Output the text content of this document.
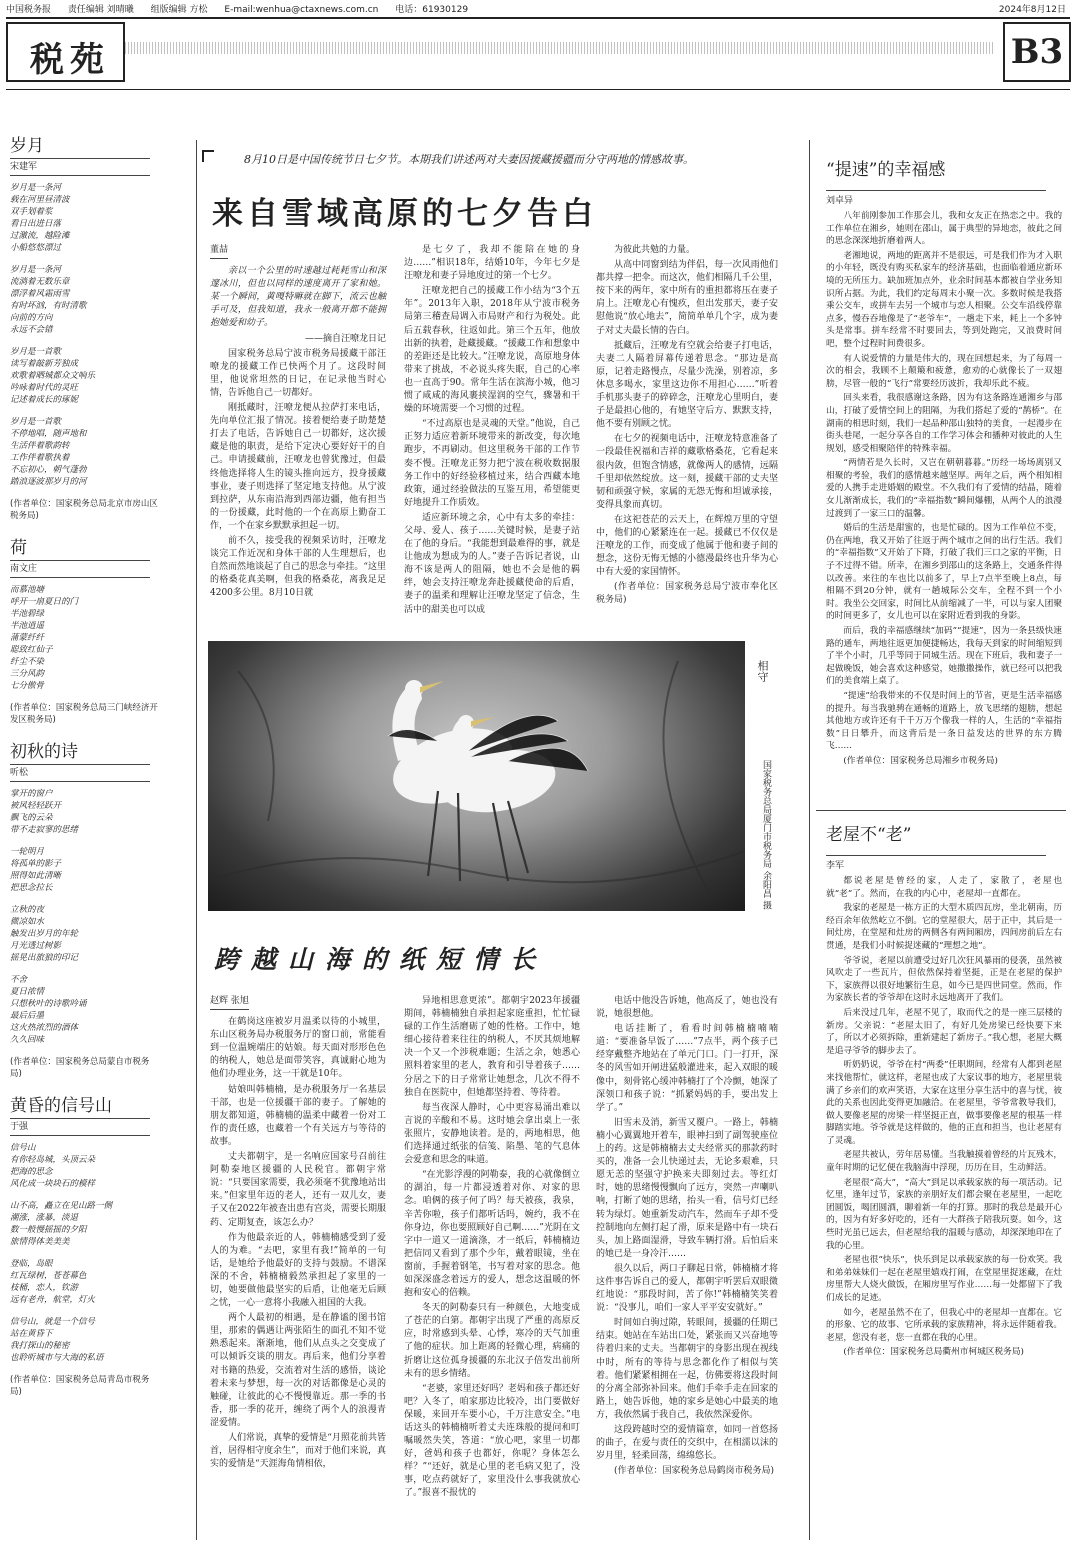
中国税务报 责任编辑 刘晴曦 组版编辑 方松 E-mail:wenhua@ctaxnews.com.cn 电话：61930129	2024年8月12日
税苑	B3
岁月
宋建军
岁月是一条河
载在河里昼清波
双手划着浆
看日出进日落
过激流，越险滩
小船悠悠漂过
岁月是一条河
流淌着无数乐章
漂浮着风霜雨雪
有时坏汹，有时清歌
向前的方向
永远不会错
岁月是一首歌
读写着敲新芳独成
欢歌着晒城都众文响乐
吟咏着时代的灵旺
记述着成长的琢妮
岁月是一首歌
不停地唱，随声地和
生活伴着歌韵转
工作伴着歌执着
不忘初心，朝气蓬勃
踏浪逐波那岁月的河
(作者单位：国家税务总局北京市房山区税务局)
荷
南文庄
而慕池塘
呼开一扇夏日的门
半池碧绿
半池逍遥
蒲蒙纤纤
聪致红仙子
纤尘不染
三分风韵
七分傲骨
(作者单位：国家税务总局三门峡经济开发区税务局)
初秋的诗
听松
掌开的窗户
被风轻轻跃开
飘飞的云朵
带不走寂寥的思绪
一轮明月
将孤单的影子
照得如此清晰
把思念拉长
立秋的夜
微凉如水
触发出岁月的年轮
月光透过树影
摇晃出旅狼的印记
不舍
夏日浓情
只想秋叶的诗歌吟诵
最后后墨
这火热浓烈的酒体
久久回味
(作者单位：国家税务总局蒙自市税务局)
黄昏的信号山
于强
信号山
有你轻岛城，头顶云朵
把海的思念
风化成一块块石的模样
山不高，矗立在见山路一侧
潮涨，涨暴，淡退
数一般慢摇摇的夕阳
旅情得体美美美
登临，岛眼
红瓦绿树，苍苍幕色
枝桶，恋人，钦游
远有老舟，航堂，灯火
信号山，就是一个信号
站在黄昏下
我打探山的秘密
也聆听城市与大海的私语
(作者单位：国家税务总局青岛市税务局)
8月10日是中国传统节日七夕节。本期我们讲述两对夫妻因援藏援疆而分守两地的情感故事。
来自雪域高原的七夕告白
董喆

亲以一个公里的时速越过耗耗雪山和深邃冰川，但也以同样的速度离开了家和她。某一个瞬间，黄嘎特嘛就在脚下，流云也触手可及，但我知道，我永一般离开都不能拥抱她爱和幼子。

——摘自汪嘹龙日记

国家税务总局宁波市税务局援藏干部汪嘹龙的援藏工作已快两个月了。这段时间里，他说常坦然的日记，在记录他当时心情，告诉他自己一切都好。

刚抵藏时，汪嘹龙便从拉萨打来电话，先向单位汇报了情况。接着便给妻子助楚楚打去了电话，告诉她自己一切都好，这次援藏是他的职责，是给下定决心要好好干的自己。申请援藏前，汪嘹龙也曾犹豫过，但最终他选择将人生的镜头推向远方，投身援藏事业，妻子则选择了坚定地支持他。从宁波到拉萨，从东南沿海到西部边疆，他有担当的一份援藏，此时他的一个在高原上勤奋工作，一个在家乡默默承担起一切。

前不久，接受我的视频采访时，汪嘹龙谈完工作近况和身体干部的人生理想后，也自然而然地谈起了自己的思念与牵挂。“这里的格桑花真美啊，但我的格桑花，离我足足4200多公里。8月10日就

是七夕了，我却不能陪在她的身边……”相识18年，结婚10年，今年七夕是汪嘹龙和妻子异地度过的第一个七夕。

汪嘹龙把自己的援藏工作小结为“3个五年”。2013年入职，2018年从宁波市税务局第三稽查局调入市局财产和行为税处。此后五载春秋，往返如此。第三个五年，他放出新的执着，赴藏援藏。“援藏工作和想象中的差距还是比较大。”汪嘹龙说，高原地身体带来了挑战，不必说头疼失眠，自己的心率也一直高于90。常年生活在滨海小城，他习惯了咸咸的海风裹挟湿润的空气，骤暑和干燥的环境需要一个习惯的过程。

“不过高原也是灵魂的天堂。”他说，自己正努力适应着新环境带来的新改变，每次地跑步，不再刷动。但这里税务干部的工作节奏不慢。汪嘹龙正努力把宁波在税收数据服务工作中的好经验移植过来，结合西藏本地政策，通过经验做法的互鉴互用，希望能更好地提升工作质效。

适应新环境之余，心中有太多的牵挂：父母、爱人、孩子……关键时候，是妻子站在了他的身后。“我能想到最难得的事，就是让他成为想成为的人。”妻子告诉记者说，山海不该是两人的阻隔，她也不会是他的羁绊，她会支持汪嘹龙奔赴援藏使命的后盾，妻子的温柔和理解让汪嘹龙坚定了信念，生活中的甜美也可以成

为彼此共勉的力量。

从高中同窗到结为伴侣，每一次风雨他们都共撑一把伞。而这次，他们相隔几千公里，按下来的两年，家中所有的重担都将压在妻子肩上。汪嘹龙心有愧疚，但出发那天，妻子安慰他说“放心地去”，简简单单几个字，成为妻子对丈夫最长情的告白。

抵藏后，汪嘹龙有空就会给妻子打电话，夫妻二人隔着屏幕传递着思念。“那边是高原，记着走路慢点，尽量少洗澡，别着凉，多休息多喝水，家里这边你不用担心……”听着手机那头妻子的碎碎念，汪嘹龙心里明白，妻子是最担心他的，有她坚守后方、默默支持，他不要有别顾之忧。

在七夕的视频电话中，汪嘹龙特意准备了一段最佳祝福和吉祥的藏歌格桑花，它看起来很内敛，但饱含情感，就像两人的感情，远隔千里却依然绽放。这一刻，援藏干部的丈夫坚韧和顽强守候，家属的无怨无悔和坦诚承接，变得具象而真切。

在这祀苍茫的云天上，在辉煌万里的守望中，他们的心紧紧连在一起。援藏已不仅仅是汪嘹龙的工作，而变成了他属于他和妻子间的想念，这份无悔无憾的小德漫最终也升华为心中有大爱的家国情怀。

(作者单位：国家税务总局宁波市奉化区税务局)

相守
国家税务总局厦门市税务局 余阳昌 摄
跨越山海的纸短情长
赵辉 张旭

在鹤岗这座被岁月温柔以待的小城里，东山区税务局办税服务厅的窗口前，常能看到一位温婉端庄的姑娘。每天面对形形色色的纳税人，她总是面带笑容，真诚耐心地为他们办理业务，这一干就是10年。

姑娘叫韩楠楠，是办税服务厅一名基层干部，也是一位援疆干部的妻子。了解她的朋友都知道，韩楠楠的温柔中藏着一份对工作的责任感，也藏着一个有关远方与等待的故事。

丈夫都朝宇，是一名响应国家号召前往阿勒泰地区援疆的人民税官。都朝宇常说：“只要国家需要，我必须毫不犹豫地站出来。”但家里年迈的老人，还有一双儿女，妻子又在2022年被查出患有宫炎，需要长期服药、定期复查，该怎么办？

作为他最亲近的人，韩楠楠感受到了爱人的为难。“去吧，家里有我!”简单的一句话，是她给予他最好的支持与鼓励。不谱深深的不舍，韩楠楠毅然承担起了家里的一切，她要做他最坚实的后盾，让他毫无后顾之忧，一心一意将小我融入祖国的大我。

两个人最初的相遇，是在静谧的图书馆里，那索的偶遇让两张陌生的面孔不知不觉熟悉起来。渐渐地，他们从点头之交变成了可以倾诉交谈的朋友。再后来，他们分享着对书籍的热爱，交流着对生活的感悟，谈论着未来与梦想，每一次的对话都像是心灵的触碰，让彼此的心不慢慢靠近。那一季的书香，那一季的花开，缠绕了两个人的浪漫青涩爱情。

人们常说，真挚的爱情是“月照花前共皆首，居得相守度余生”，而对于他们来说，真实的爱情是“天涯海角情相依，

异地相思意更浓”。都朝宇2023年援疆期间，韩楠楠独自承担起家庭重担，忙忙碌碌的工作生活磨砺了她的性格。工作中，她细心接待着来往往的纳税人，不厌其烦地解决一个又一个涉税难题；生活之余，她悉心照料着家里的老人，教育和引导着孩子……分居之下的日子常常让她想念，几次不得不独自在医院中，但她都坚持着、等待着。

每当夜深人静时，心中更容易涌出难以言说的辛酸和不易。这时她会拿出桌上一张张照片，安静地读着。是的，两地相思，他们选择通过纸张的信笺、陷墨、笔的气息体会爱意和思念的味道。

“在光影浮漫的阿勒泰，我的心就像倒立的湖泊，每一片都浸透着对你、对家的思念。咱俩的孩子何了吗？每天被孩，我泉，辛苦你啦，孩子们都听话吗，婉约，我不在你身边，你也要照顾好自己啊……”光阴在文字中一道又一道滴涤，才一纸后，韩楠楠边把信同又看到了那个少年，戴着眼镜，坐在窗前，手握着钢笔，书写着对家的思念。他如深深盛念着远方的爱人，想念这温暖的怀抱和安心的倍赖。

冬天的阿勒泰只有一种颜色，大地变成了苍茫的白第。都朝宇出现了严重的高原反应，时常感到头晕、心悸，寒冷的天气加重了他的症状。加上距离的轻微心理，病痛的折磨让这位孤身援疆的东北汉子倍发出前所未有的思乡情绪。

“老婆，家里还好吗？老妈和孩子都还好吧？入冬了，咱家那边比较冷，出门要做好保暖，来回开车要小心，千万注意安全。”电话这头的韩楠楠听着丈夫连珠般的提问和叮嘱暖然失笑，答道：“放心吧，家里一切都好，爸妈和孩子也都好，你呢？身体怎么样？”“还好，就是心里的老毛病又犯了，没事，吃点药就好了，家里没什么事我就放心了。”报喜不报忧的

电话中他没告诉她，他高反了，她也没有说，她很想他。

电话挂断了，看看时间韩楠楠喃喃道：“要准备早饭了……”7点半，两个孩子已经穿戴整齐地站在了单元门口。门一打开，深冬的风雪如开闸进猛般灌进来，起入双眼的暖像中，刻骨铭心缓冲韩楠打了个冷颤，她深了深领口和孩子说：“抓紧妈妈的手，要出发上学了。”

旧雪未及消，新雪又覆户。一路上，韩楠楠小心翼翼地开着车，眼神扫到了副驾驶座位上的药。这是韩楠楠去丈夫经常买的那款药时买的，准备一会儿快递过去，无论多艰难，只愿无恙的坚强守护换来夫即刻过去。等红灯时，她的思绪慢慢飘向了远方，突然一声喇叭响，打断了她的思绪，抬头一看，信号灯已经转为绿灯。她重新发动汽车，然而车子却不受控制地向左侧打起了滑，原来是路中有一块石头，加上路面湿滑，导致车辆打滑。后怕后来的她已是一身冷汗……

很久以后，两口子聊起日常，韩楠楠才将这件事告诉自己的爱人，都朝宇听罢后双眼微红地说：“那段时间，苦了你!”韩楠楠笑笑着说：“没事儿，咱们一家人平平安安就好。”

时间如白驹过隙，转眼间，援疆的任期已结束。她站在车站出口处，紧张而又兴奋地等待着归来的丈夫。当都朝宇的身影出现在视线中时，所有的等待与思念都化作了相似与笑着。他们紧紧相拥在一起，仿佛要将这段时间的分离全部弥补回来。他们手牵手走在回家的路上，她告诉他，她的家乡是她心中最美的地方，我依然属于我自己，我依然深爱你。

这段跨越时空的爱情篇章，如同一首悠扬的曲子，在爱与责任的交织中，在相濡以沫的岁月里，轻柔回荡，绵绵悠长。

(作者单位：国家税务总局鹤岗市税务局)

“提速”的幸福感
刘卓异

八年前刚参加工作那会儿，我和女友正在热恋之中。我的工作单位在湘乡，她则在邵山，属于典型的异地恋，彼此之间的思念深深地折磨着两人。

老湘地说，两地的距离并不是很远，可是我们作为才入职的小年轻，既没有购买私家车的经济基础，也面临着通应新环境的无所压力。缺加班加点外，业余时间基本都被自学业务知识所占据。为此，我们约定每周末小聚一次。多数时候是我搭乘公交车，或拼车去另一个城市与恋人相聚。公交车沿线停靠点多，慢吞吞地像是了“老爷车”，一趟走下来，耗上一个多钟头是常事。拼车经常不时要回去，等到处跑完，又浪费时间吧，整个过程时间费很多。

有人说爱情的力量是伟大的，现在回想起来，为了每周一次的相会，我顾不上颠簸和疲惫，愈劝的心就像长了一双翅膀，尽管一般的“飞行”常要经历波折，我却乐此不疲。

回头来看，我很感谢这条路，因为有这条路连通湘乡与邵山，打破了爱情空间上的阻隔，为我们搭起了爱的“鹊桥”。在湖南的相思时刻，我们一起品种邵山独特的美食，一起漫步在街头巷尾，一起分享各自的工作学习体会和播种对彼此的人生规划，感受相聚陪伴的特殊幸福。

“两情若是久长时，又岂在朝朝暮暮。”历经一场场离别又相聚的考验，我们的感情越来越坚厚。两年之后，两个相知相爱的人携手走进婚姻的殿堂。不久我们有了爱情的结晶，随着女儿渐渐成长，我们的“幸福指数”瞬间爆棚，从两个人的浪漫过渡到了一家三口的温馨。

婚后的生活是甜蜜的，也是忙碌的。因为工作单位不变，仍在两地，我又开始了往返于两个城市之间的出行生活。我们的“幸福指数”又开始了下降，打破了我们三口之家的平衡，日子不过得不错。所幸，在湘乡到邵山的这条路上，交通条件得以改善。来往的车也比以前多了，早上7点半至晚上8点，每相隔不到20分钟，就有一趟城际公交车，全程不到一个小时。我坐公交回家，时间比从前缩减了一半，可以与家人团聚的时间更多了，女儿也可以在家附近看到我的身影。

而后，我的幸福感继续“加码”“提速”，因为一条县级快速路的通车，两地往返更加便捷畅达，我每天到家的时间缩短到了半个小时，几乎等同于同城生活。现在下班后，我和妻子一起做晚饭，她会喜欢这种感觉，她撒撒操作，就已经可以把我们的美食端上桌了。

“提速”给我带来的不仅是时间上的节省，更是生活幸福感的提升。每当我驰骋在通畅的道路上，放飞思绪的翅膀，想起其他地方或许还有千千万万个像我一样的人，生活的“幸福指数”日日攀升，而这背后是一条日益发达的世界的东方腾飞……

(作者单位：国家税务总局湘乡市税务局)

老屋不“老”
李军

都说老屋是曾经的家，人走了，家散了，老屋也就“老”了。然而，在我的内心中，老屋却一直都在。

我家的老屋是一栋方正的大型木质四瓦房，坐北朝南，历经百余年依然屹立不倒。它的堂屋很大，居于正中，其后是一间灶房，在堂屋和灶房的两侧各有两间厢房，四间房前后左右贯通，是我们小时候捉迷藏的“理想之地”。

爷爷说，老屋以前遭受过好几次狂风暴雨的侵袭，虽然被风吹走了一些瓦片，但依然保持着坚挺，正是在老屋的保护下，家族得以很好地繁衍生息，如今已是四世同堂。然而，作为家族长者的爷爷却在这时永远地离开了我们。

后来没过几年，老屋不见了，取而代之的是一座三层楼的新房。父亲说：“老屋太旧了，有好几处房梁已经快要下来了，所以才必须拆除，重新建起了新房子。”我心想，老屋大概是追寻爷爷的脚步去了。

听奶奶说，爷爷在村“两委”任职期间，经常有人都到老屋来找他帮忙，就这样，老屋也成了大家议事的地方，老屋里装满了乡亲们的欢声笑语，大家在这里分享生活中的喜与忧，彼此的关系也因此变得更加融洽。在老屋里，爷爷常教导我们，做人要像老屋的房梁一样坚挺正直，做事要像老屋的根基一样脚踏实地。爷爷就是这样做的，他的正直和担当，也让老屋有了灵魂。

老屋共被认，劳年居易懂。当我触摸着曾经的片瓦残木，童年时期的记忆便在我脑海中浮现，历历在目，生动鲜活。

老屋很“高大”，“高大”到足以承载家族的每一项活动。记忆里，逢年过节，家族的亲朋好友们都会聚在老屋里，一起吃团圆饭，喝团圆酒，聊着新一年的打算。那时的我总是最开心的，因为有好多好吃的，还有一大群孩子陪我玩耍。如今，这些时光虽已远去，但老屋给我的温暖与感动，却深深地印在了我的心里。

老屋也很“快乐”，快乐到足以承载家族的每一份欢笑。我和弟弟妹妹们一起在老屋里嬉戏打闹，在堂屋里捉迷藏，在灶房里帮大人烧火做饭，在厢房里写作业……每一处都留下了我们成长的足迹。

如今，老屋虽然不在了，但我心中的老屋却一直都在。它的形象、它的故事、它所承载的家族精神，将永远伴随着我。老屋，您没有老，您一直都在我的心里。

(作者单位：国家税务总局衢州市柯城区税务局)
